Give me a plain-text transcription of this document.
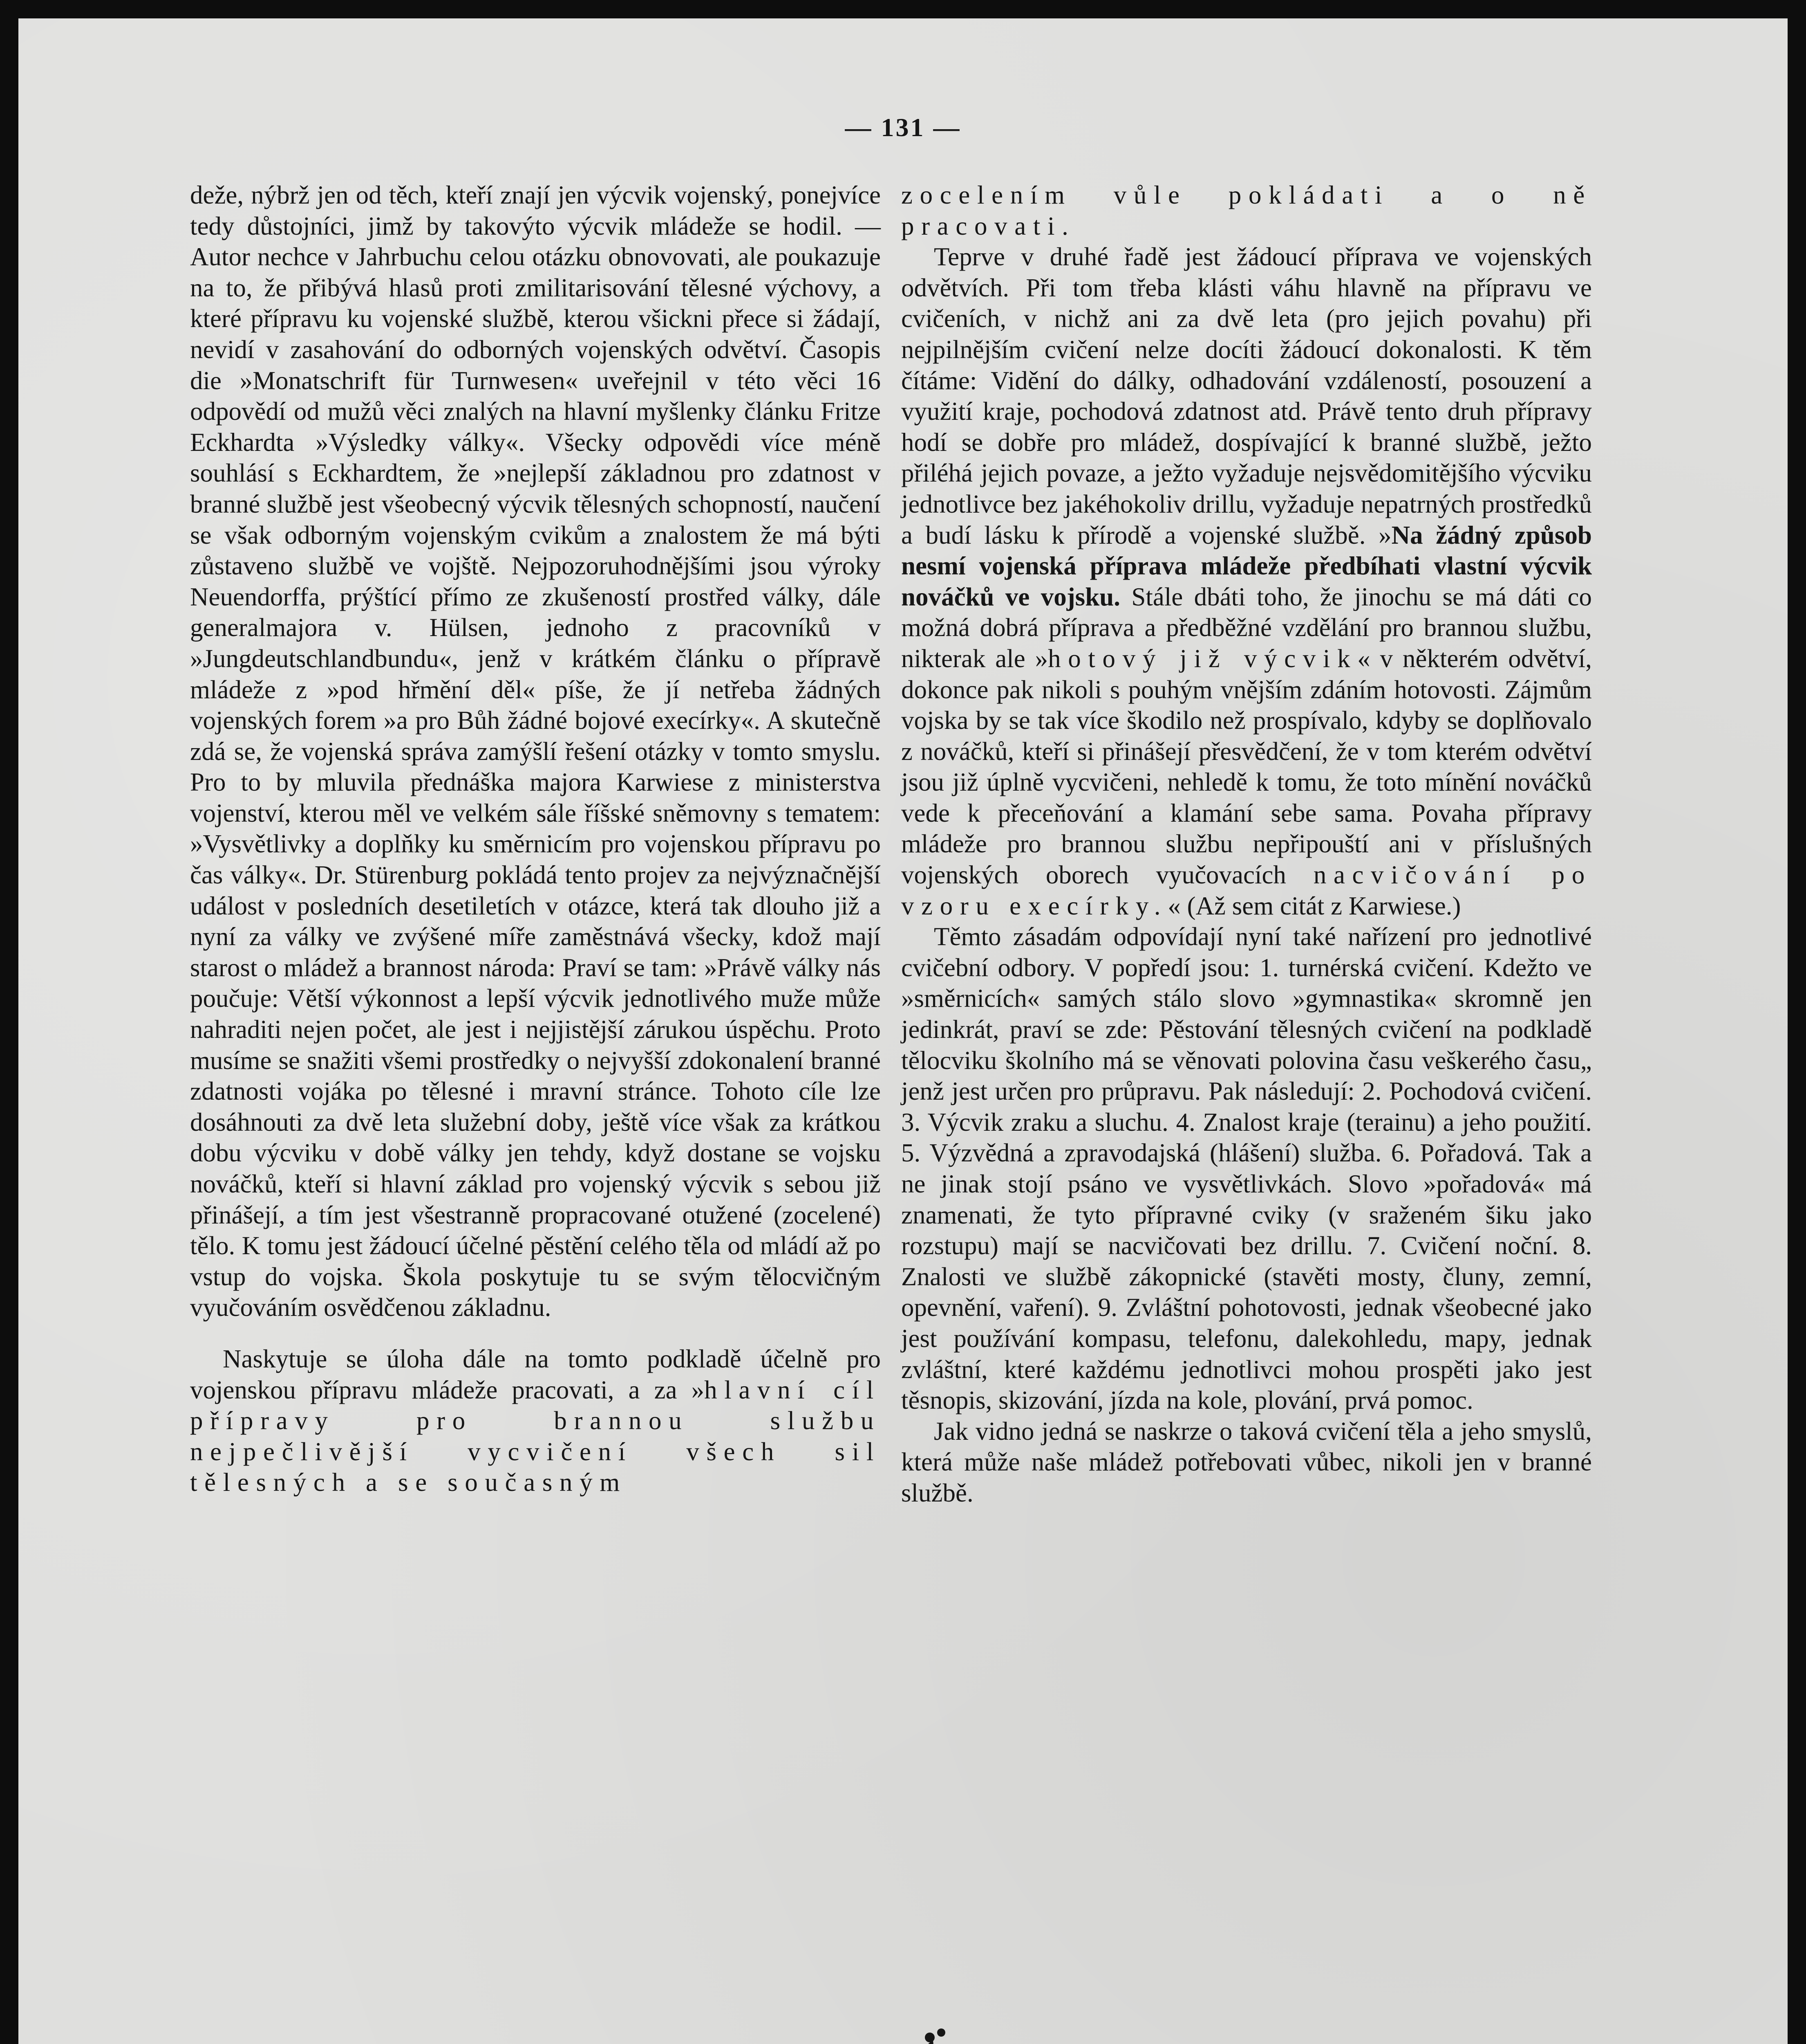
— 131 —

deže, nýbrž jen od těch, kteří znají jen výcvik vojenský, ponejvíce tedy důstojníci, jimž by takovýto výcvik mládeže se hodil. — Autor nechce v Jahrbuchu celou otázku obnovovati, ale poukazuje na to, že přibývá hlasů proti zmilitarisování tělesné výchovy, a které přípravu ku vojenské službě, kterou všickni přece si žádají, nevidí v zasahování do odborných vojenských odvětví. Časopis die »Monatschrift für Turnwesen« uveřejnil v této věci 16 odpovědí od mužů věci znalých na hlavní myšlenky článku Fritze Eckhardta »Výsledky války«. Všecky odpovědi více méně souhlásí s Eckhardtem, že »nejlepší základnou pro zdatnost v branné službě jest všeobecný výcvik tělesných schopností, naučení se však odborným vojenským cvikům a znalostem že má býti zůstaveno službě ve vojště. Nejpozoruhodnějšími jsou výroky Neuendorffa, prýštící přímo ze zkušeností prostřed války, dále generalmajora v. Hülsen, jednoho z pracovníků v »Jungdeutschlandbundu«, jenž v krátkém článku o přípravě mládeže z »pod hřmění děl« píše, že jí netřeba žádných vojenských forem »a pro Bůh žádné bojové execírky«. A skutečně zdá se, že vojenská správa zamýšlí řešení otázky v tomto smyslu. Pro to by mluvila přednáška majora Karwiese z ministerstva vojenství, kterou měl ve velkém sále říšské sněmovny s tematem: »Vysvětlivky a doplňky ku směrnicím pro vojenskou přípravu po čas války«. Dr. Stürenburg pokládá tento projev za nejvýznačnější událost v posledních desetiletích v otázce, která tak dlouho již a nyní za války ve zvýšené míře zaměstnává všecky, kdož mají starost o mládež a brannost národa: Praví se tam: »Právě války nás poučuje: Větší výkonnost a lepší výcvik jednotlivého muže může nahraditi nejen počet, ale jest i nejjistější zárukou úspěchu. Proto musíme se snažiti všemi prostředky o nejvyšší zdokonalení branné zdatnosti vojáka po tělesné i mravní stránce. Tohoto cíle lze dosáhnouti za dvě leta služební doby, ještě více však za krátkou dobu výcviku v době války jen tehdy, když dostane se vojsku nováčků, kteří si hlavní základ pro vojenský výcvik s sebou již přinášejí, a tím jest všestranně propracované otužené (zocelené) tělo. K tomu jest žádoucí účelné pěstění celého těla od mládí až po vstup do vojska. Škola poskytuje tu se svým tělocvičným vyučováním osvědčenou základnu.

Naskytuje se úloha dále na tomto podkladě účelně pro vojenskou přípravu mládeže pracovati, a za »hlavní cíl přípravy pro brannou službu nejpečlivější vycvičení všech sil tělesných a se současným

zocelením vůle pokládati a o ně pracovati.

Teprve v druhé řadě jest žádoucí příprava ve vojenských odvětvích. Při tom třeba klásti váhu hlavně na přípravu ve cvičeních, v nichž ani za dvě leta (pro jejich povahu) při nejpilnějším cvičení nelze docíti žádoucí dokonalosti. K těm čítáme: Vidění do dálky, odhadování vzdáleností, posouzení a využití kraje, pochodová zdatnost atd. Právě tento druh přípravy hodí se dobře pro mládež, dospívající k branné službě, ježto přiléhá jejich povaze, a ježto vyžaduje nejsvědomitějšího výcviku jednotlivce bez jakéhokoliv drillu, vyžaduje nepatrných prostředků a budí lásku k přírodě a vojenské službě. »Na žádný způsob nesmí vojenská příprava mládeže předbíhati vlastní výcvik nováčků ve vojsku. Stále dbáti toho, že jinochu se má dáti co možná dobrá příprava a předběžné vzdělání pro brannou službu, nikterak ale »hotový již výcvik« v některém odvětví, dokonce pak nikoli s pouhým vnějším zdáním hotovosti. Zájmům vojska by se tak více škodilo než prospívalo, kdyby se doplňovalo z nováčků, kteří si přinášejí přesvědčení, že v tom kterém odvětví jsou již úplně vycvičeni, nehledě k tomu, že toto mínění nováčků vede k přeceňování a klamání sebe sama. Povaha přípravy mládeže pro brannou službu nepřipouští ani v příslušných vojenských oborech vyučovacích nacvičování po vzoru execírky.« (Až sem citát z Karwiese.)

Těmto zásadám odpovídají nyní také nařízení pro jednotlivé cvičební odbory. V popředí jsou: 1. turnérská cvičení. Kdežto ve »směrnicích« samých stálo slovo »gymnastika« skromně jen jedinkrát, praví se zde: Pěstování tělesných cvičení na podkladě tělocviku školního má se věnovati polovina času veškerého času„ jenž jest určen pro průpravu. Pak následují: 2. Pochodová cvičení. 3. Výcvik zraku a sluchu. 4. Znalost kraje (terainu) a jeho použití. 5. Výzvědná a zpravodajská (hlášení) služba. 6. Pořadová. Tak a ne jinak stojí psáno ve vysvětlivkách. Slovo »pořadová« má znamenati, že tyto přípravné cviky (v sraženém šiku jako rozstupu) mají se nacvičovati bez drillu. 7. Cvičení noční. 8. Znalosti ve službě zákopnické (stavěti mosty, čluny, zemní, opevnění, vaření). 9. Zvláštní pohotovosti, jednak všeobecné jako jest používání kompasu, telefonu, dalekohledu, mapy, jednak zvláštní, které každému jednotlivci mohou prospěti jako jest těsnopis, skizování, jízda na kole, plování, prvá pomoc.

Jak vidno jedná se naskrze o taková cvičení těla a jeho smyslů, která může naše mládež potřebovati vůbec, nikoli jen v branné službě.
